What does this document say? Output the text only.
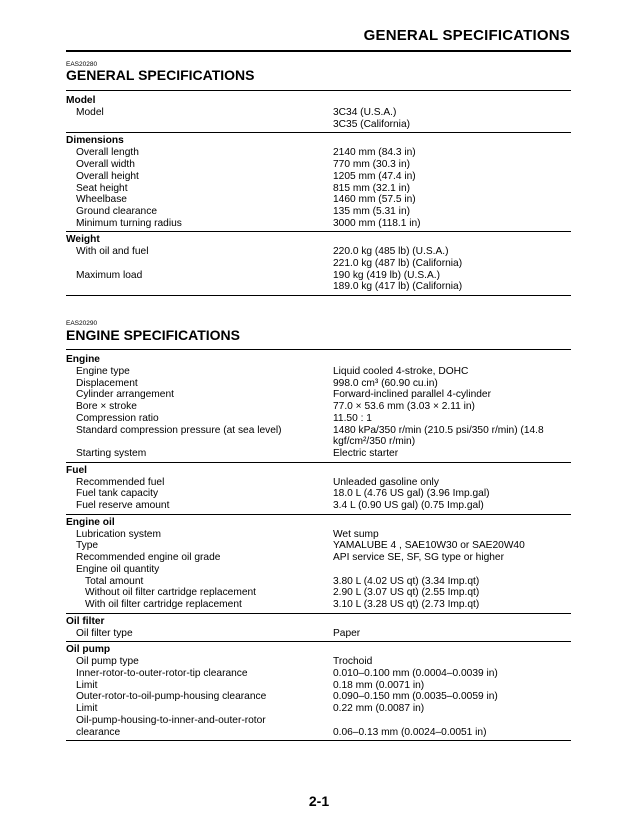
GENERAL SPECIFICATIONS
EAS20280
GENERAL SPECIFICATIONS
Model
Model	3C34 (U.S.A.)
3C35 (California)
Dimensions
Overall length	2140 mm (84.3 in)
Overall width	770 mm (30.3 in)
Overall height	1205 mm (47.4 in)
Seat height	815 mm (32.1 in)
Wheelbase	1460 mm (57.5 in)
Ground clearance	135 mm (5.31 in)
Minimum turning radius	3000 mm (118.1 in)
Weight
With oil and fuel	220.0 kg (485 lb) (U.S.A.)
221.0 kg (487 lb) (California)
Maximum load	190 kg (419 lb) (U.S.A.)
189.0 kg (417 lb) (California)
EAS20290
ENGINE SPECIFICATIONS
Engine
Engine type	Liquid cooled 4-stroke, DOHC
Displacement	998.0 cm³ (60.90 cu.in)
Cylinder arrangement	Forward-inclined parallel 4-cylinder
Bore × stroke	77.0 × 53.6 mm (3.03 × 2.11 in)
Compression ratio	11.50 : 1
Standard compression pressure (at sea level)	1480 kPa/350 r/min (210.5 psi/350 r/min) (14.8
kgf/cm²/350 r/min)
Starting system	Electric starter
Fuel
Recommended fuel	Unleaded gasoline only
Fuel tank capacity	18.0 L (4.76 US gal) (3.96 Imp.gal)
Fuel reserve amount	3.4 L (0.90 US gal) (0.75 Imp.gal)
Engine oil
Lubrication system	Wet sump
Type	YAMALUBE 4 , SAE10W30 or SAE20W40
Recommended engine oil grade	API service SE, SF, SG type or higher
Engine oil quantity
Total amount	3.80 L (4.02 US qt) (3.34 Imp.qt)
Without oil filter cartridge replacement	2.90 L (3.07 US qt) (2.55 Imp.qt)
With oil filter cartridge replacement	3.10 L (3.28 US qt) (2.73 Imp.qt)
Oil filter
Oil filter type	Paper
Oil pump
Oil pump type	Trochoid
Inner-rotor-to-outer-rotor-tip clearance	0.010–0.100 mm (0.0004–0.0039 in)
Limit	0.18 mm (0.0071 in)
Outer-rotor-to-oil-pump-housing clearance	0.090–0.150 mm (0.0035–0.0059 in)
Limit	0.22 mm (0.0087 in)
Oil-pump-housing-to-inner-and-outer-rotor
clearance	0.06–0.13 mm (0.0024–0.0051 in)
2-1
